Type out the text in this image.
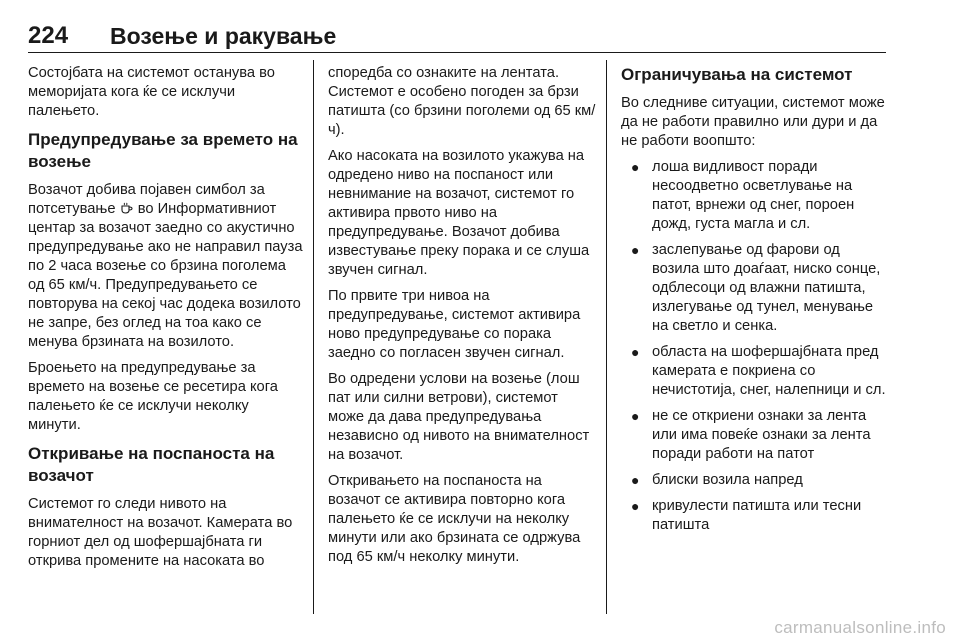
224 Возење и ракување

Состојбата на системот останува во меморијата кога ќе се исклучи палењето.

Предупредување за времето на возење

Возачот добива појавен симбол за потсетување во Информативниот центар за возачот заедно со акустично предупредување ако не направил пауза по 2 часа возење со брзина поголема од 65 км/ч. Предупредувањето се повторува на секој час додека возилото не запре, без оглед на тоа како се менува брзината на возилото.

Броењето на предупредување за времето на возење се ресетира кога палењето ќе се исклучи неколку минути.

Откривање на поспаноста на возачот

Системот го следи нивото на внимателност на возачот. Камерата во горниот дел од шофершајбната ги открива промените на насоката во

споредба со ознаките на лентата. Системот е особено погоден за брзи патишта (со брзини поголеми од 65 км/ч).

Ако насоката на возилото укажува на одредено ниво на поспаност или невнимание на возачот, системот го активира првото ниво на предупредување. Возачот добива известување преку порака и се слуша звучен сигнал.

По првите три нивоа на предупредување, системот активира ново предупредување со порака заедно со погласен звучен сигнал.

Во одредени услови на возење (лош пат или силни ветрови), системот може да дава предупредувања независно од нивото на внимателност на возачот.

Откривањето на поспаноста на возачот се активира повторно кога палењето ќе се исклучи на неколку минути или ако брзината се одржува под 65 км/ч неколку минути.

Ограничувања на системот

Во следниве ситуации, системот може да не работи правилно или дури и да не работи воопшто:

● лоша видливост поради несоодветно осветлување на патот, врнежи од снег, пороен дожд, густа магла и сл.
● заслепување од фарови од возила што доаѓаат, ниско сонце, одблесоци од влажни патишта, излегување од тунел, менување на светло и сенка.
● областа на шофершајбната пред камерата е покриена со нечистотија, снег, налепници и сл.
● не се откриени ознаки за лента или има повеќе ознаки за лента поради работи на патот
● блиски возила напред
● кривулести патишта или тесни патишта
carmanualsonline.info
